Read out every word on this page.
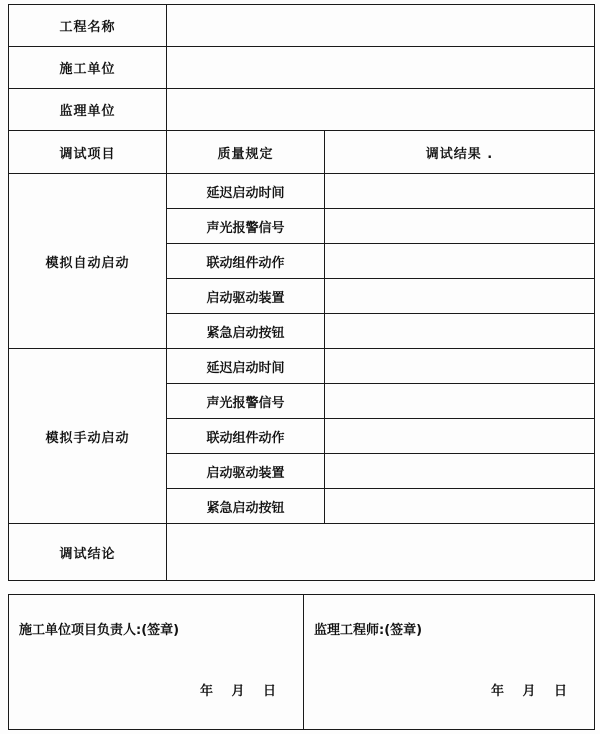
工程名称		
施工单位		
监理单位		
调试项目	质量规定	调试结果 .
模拟自动启动	延迟启动时间	
	声光报警信号	
	联动组件动作	
	启动驱动装置	
	紧急启动按钮	
模拟手动启动	延迟启动时间	
	声光报警信号	
	联动组件动作	
	启动驱动装置	
	紧急启动按钮	
调试结论		
施工单位项目负责人:(签章)
年 月 日

监理工程师:(签章)
年 月 日
